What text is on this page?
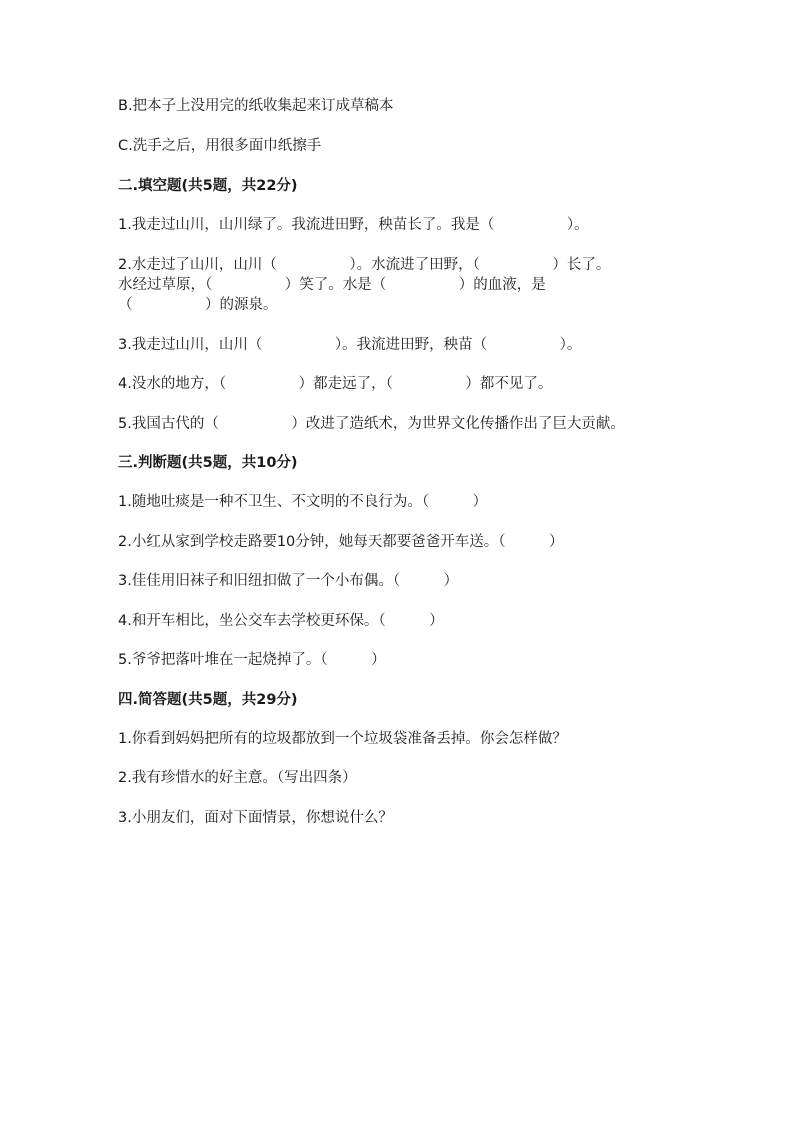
B.把本子上没用完的纸收集起来订成草稿本
C.洗手之后，用很多面巾纸擦手
二.填空题(共5题，共22分)
1.我走过山川，山川绿了。我流进田野，秧苗长了。我是（　　　　　）。
2.水走过了山川，山川（　　　　　）。水流进了田野，（　　　　　）长了。
水经过草原，（　　　　　）笑了。水是（　　　　　）的血液，是
（　　　　　）的源泉。
3.我走过山川，山川（　　　　　）。我流进田野，秧苗（　　　　　）。
4.没水的地方，（　　　　　）都走远了，（　　　　　）都不见了。
5.我国古代的（　　　　　）改进了造纸术，为世界文化传播作出了巨大贡献。
三.判断题(共5题，共10分)
1.随地吐痰是一种不卫生、不文明的不良行为。（　　　）
2.小红从家到学校走路要10分钟，她每天都要爸爸开车送。（　　　）
3.佳佳用旧袜子和旧纽扣做了一个小布偶。（　　　）
4.和开车相比，坐公交车去学校更环保。（　　　）
5.爷爷把落叶堆在一起烧掉了。（　　　）
四.简答题(共5题，共29分)
1.你看到妈妈把所有的垃圾都放到一个垃圾袋准备丢掉。你会怎样做？
2.我有珍惜水的好主意。（写出四条）
3.小朋友们，面对下面情景，你想说什么？
